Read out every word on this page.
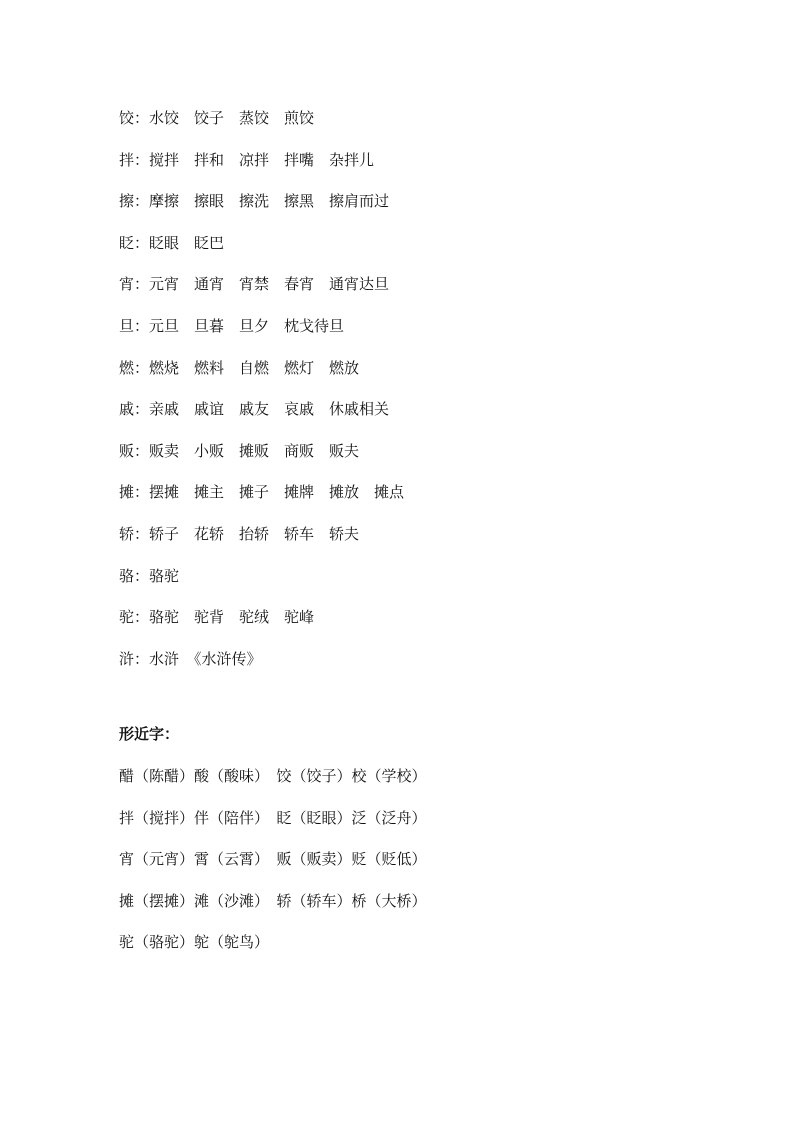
饺：水饺　饺子　蒸饺　煎饺
拌：搅拌　拌和　凉拌　拌嘴　杂拌儿
擦：摩擦　擦眼　擦洗　擦黑　擦肩而过
眨：眨眼　眨巴
宵：元宵　通宵　宵禁　春宵　通宵达旦
旦：元旦　旦暮　旦夕　枕戈待旦
燃：燃烧　燃料　自燃　燃灯　燃放
戚：亲戚　戚谊　戚友　哀戚　休戚相关
贩：贩卖　小贩　摊贩　商贩　贩夫
摊：摆摊　摊主　摊子　摊牌　摊放　摊点
轿：轿子　花轿　抬轿　轿车　轿夫
骆：骆驼
驼：骆驼　驼背　驼绒　驼峰
浒：水浒　《水浒传》
形近字：
醋（陈醋）酸（酸味）　饺（饺子）校（学校）
拌（搅拌）伴（陪伴）　眨（眨眼）泛（泛舟）
宵（元宵）霄（云霄）　贩（贩卖）贬（贬低）
摊（摆摊）滩（沙滩）　轿（轿车）桥（大桥）
驼（骆驼）鸵（鸵鸟）
